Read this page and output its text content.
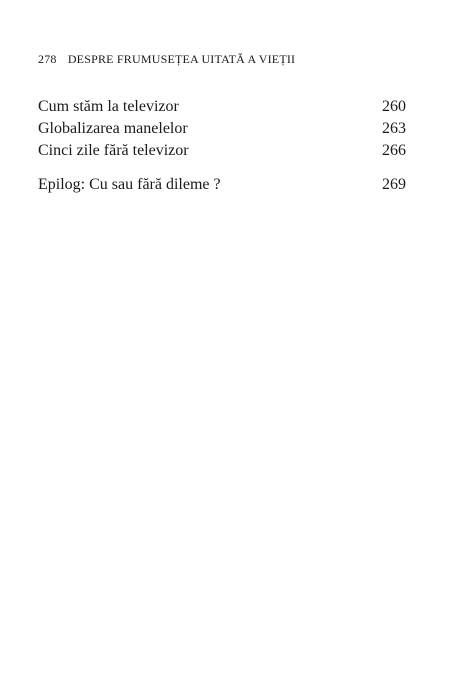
278 DESPRE FRUMUSEȚEA UITATĂ A VIEȚII
Cum stăm la televizor	260
Globalizarea manelelor	263
Cinci zile fără televizor	266
Epilog: Cu sau fără dileme ?	269
